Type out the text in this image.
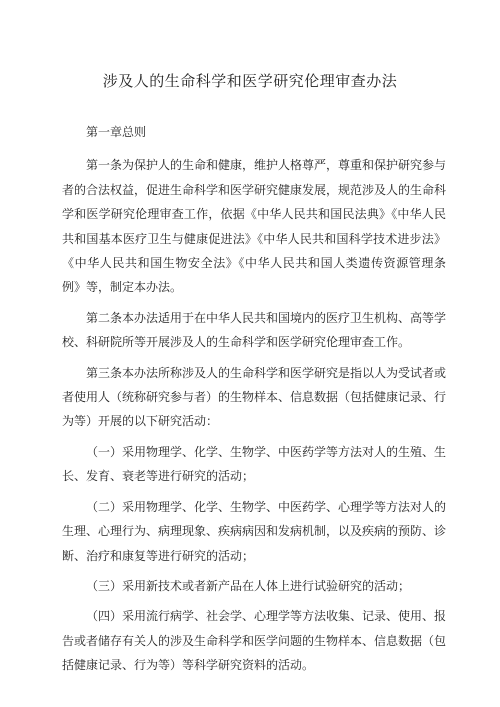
涉及人的生命科学和医学研究伦理审查办法

第一章总则

第一条为保护人的生命和健康，维护人格尊严，尊重和保护研究参与者的合法权益，促进生命科学和医学研究健康发展，规范涉及人的生命科学和医学研究伦理审查工作，依据《中华人民共和国民法典》《中华人民共和国基本医疗卫生与健康促进法》《中华人民共和国科学技术进步法》《中华人民共和国生物安全法》《中华人民共和国人类遗传资源管理条例》等，制定本办法。

第二条本办法适用于在中华人民共和国境内的医疗卫生机构、高等学校、科研院所等开展涉及人的生命科学和医学研究伦理审查工作。

第三条本办法所称涉及人的生命科学和医学研究是指以人为受试者或者使用人（统称研究参与者）的生物样本、信息数据（包括健康记录、行为等）开展的以下研究活动：

（一）采用物理学、化学、生物学、中医药学等方法对人的生殖、生长、发育、衰老等进行研究的活动；

（二）采用物理学、化学、生物学、中医药学、心理学等方法对人的生理、心理行为、病理现象、疾病病因和发病机制，以及疾病的预防、诊断、治疗和康复等进行研究的活动；

（三）采用新技术或者新产品在人体上进行试验研究的活动；

（四）采用流行病学、社会学、心理学等方法收集、记录、使用、报告或者储存有关人的涉及生命科学和医学问题的生物样本、信息数据（包括健康记录、行为等）等科学研究资料的活动。
